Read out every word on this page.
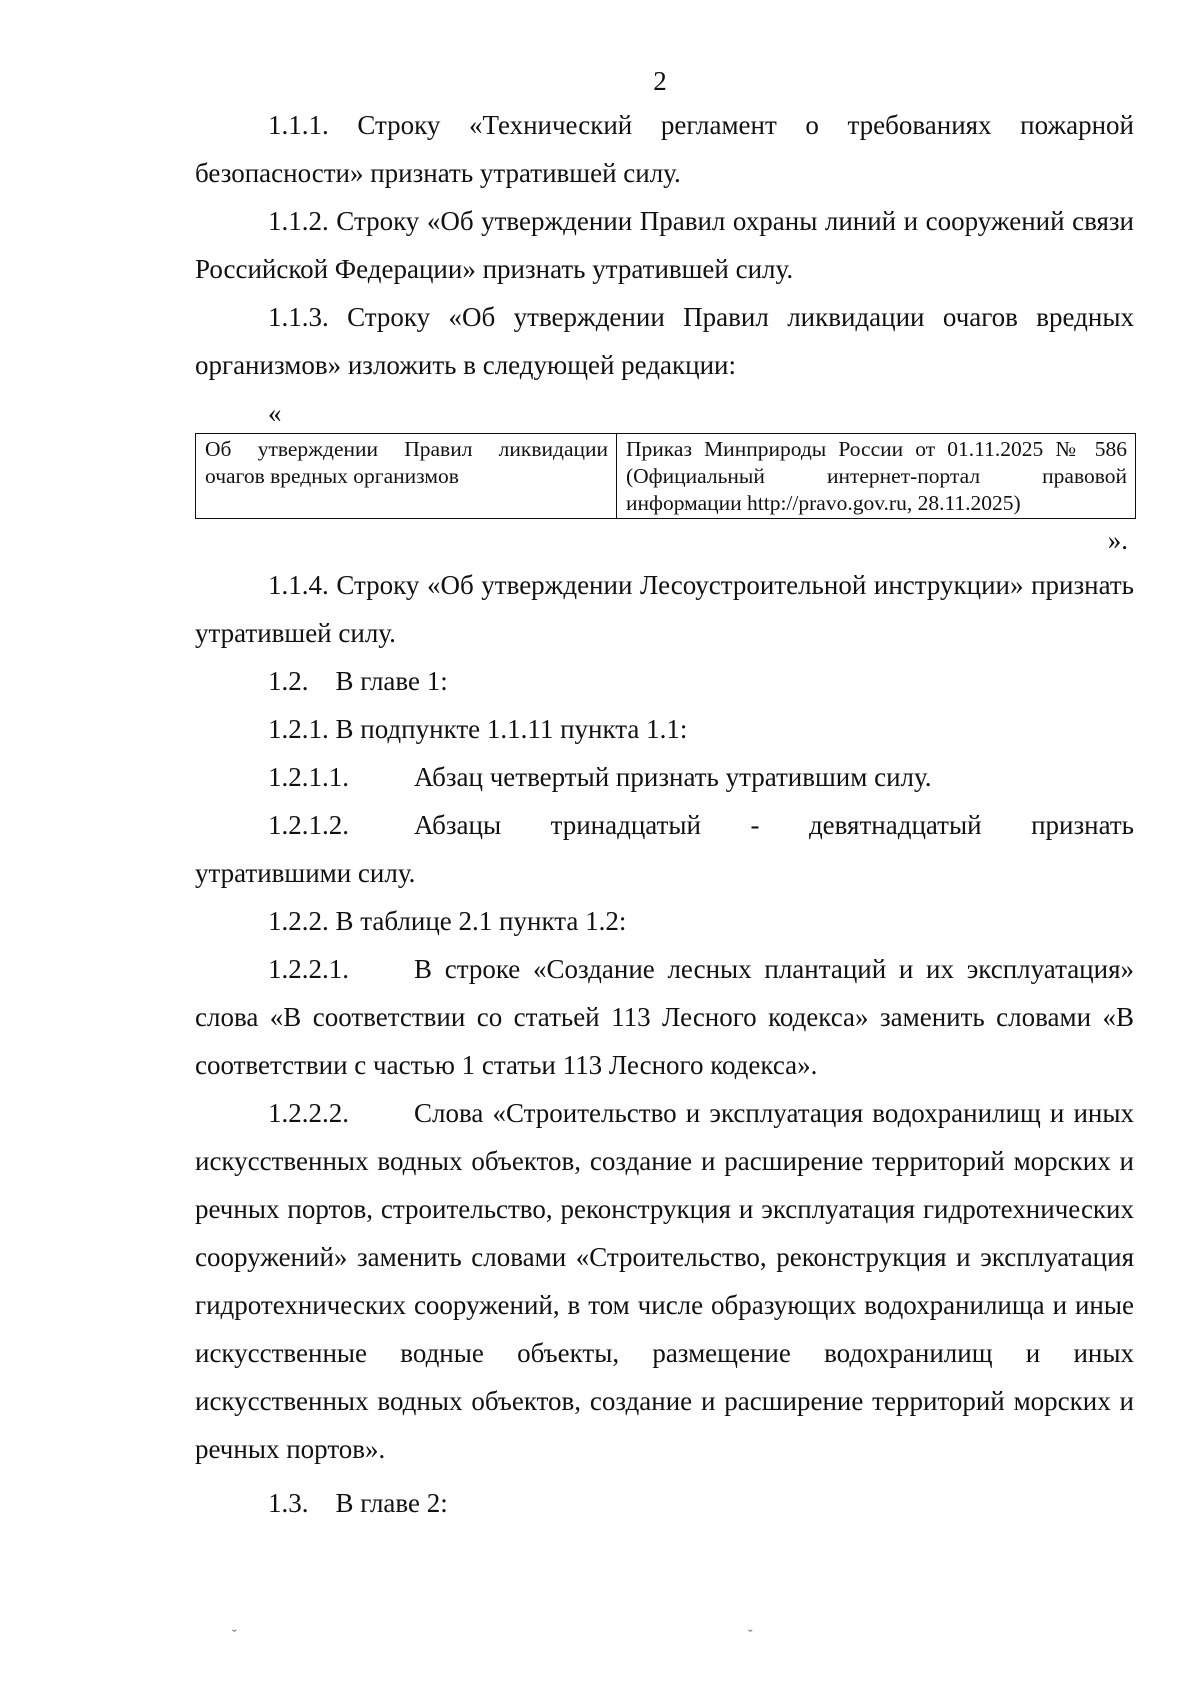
2

1.1.1. Строку «Технический регламент о требованиях пожарной безопасности» признать утратившей силу.

1.1.2. Строку «Об утверждении Правил охраны линий и сооружений связи Российской Федерации» признать утратившей силу.

1.1.3. Строку «Об утверждении Правил ликвидации очагов вредных организмов» изложить в следующей редакции:

«

Об утверждении Правил ликвидации очагов вредных организмов	Приказ Минприроды России от 01.11.2025 № 586 (Официальный интернет-портал правовой информации http://pravo.gov.ru, 28.11.2025)

».

1.1.4. Строку «Об утверждении Лесоустроительной инструкции» признать утратившей силу.

1.2.    В главе 1:

1.2.1. В подпункте 1.1.11 пункта 1.1:

1.2.1.1.	Абзац четвертый признать утратившим силу.

1.2.1.2.	Абзацы тринадцатый - девятнадцатый признать

утратившими силу.

1.2.2. В таблице 2.1 пункта 1.2:

1.2.2.1. В строке «Создание лесных плантаций и их эксплуатация» слова «В соответствии со статьей 113 Лесного кодекса» заменить словами «В соответствии с частью 1 статьи 113 Лесного кодекса».

1.2.2.2. Слова «Строительство и эксплуатация водохранилищ и иных искусственных водных объектов, создание и расширение территорий морских и речных портов, строительство, реконструкция и эксплуатация гидротехнических сооружений» заменить словами «Строительство, реконструкция и эксплуатация гидротехнических сооружений, в том числе образующих водохранилища и иные искусственные водные объекты, размещение водохранилищ и иных искусственных водных объектов, создание и расширение территорий морских и речных портов».

1.3.    В главе 2:

˘	˘
